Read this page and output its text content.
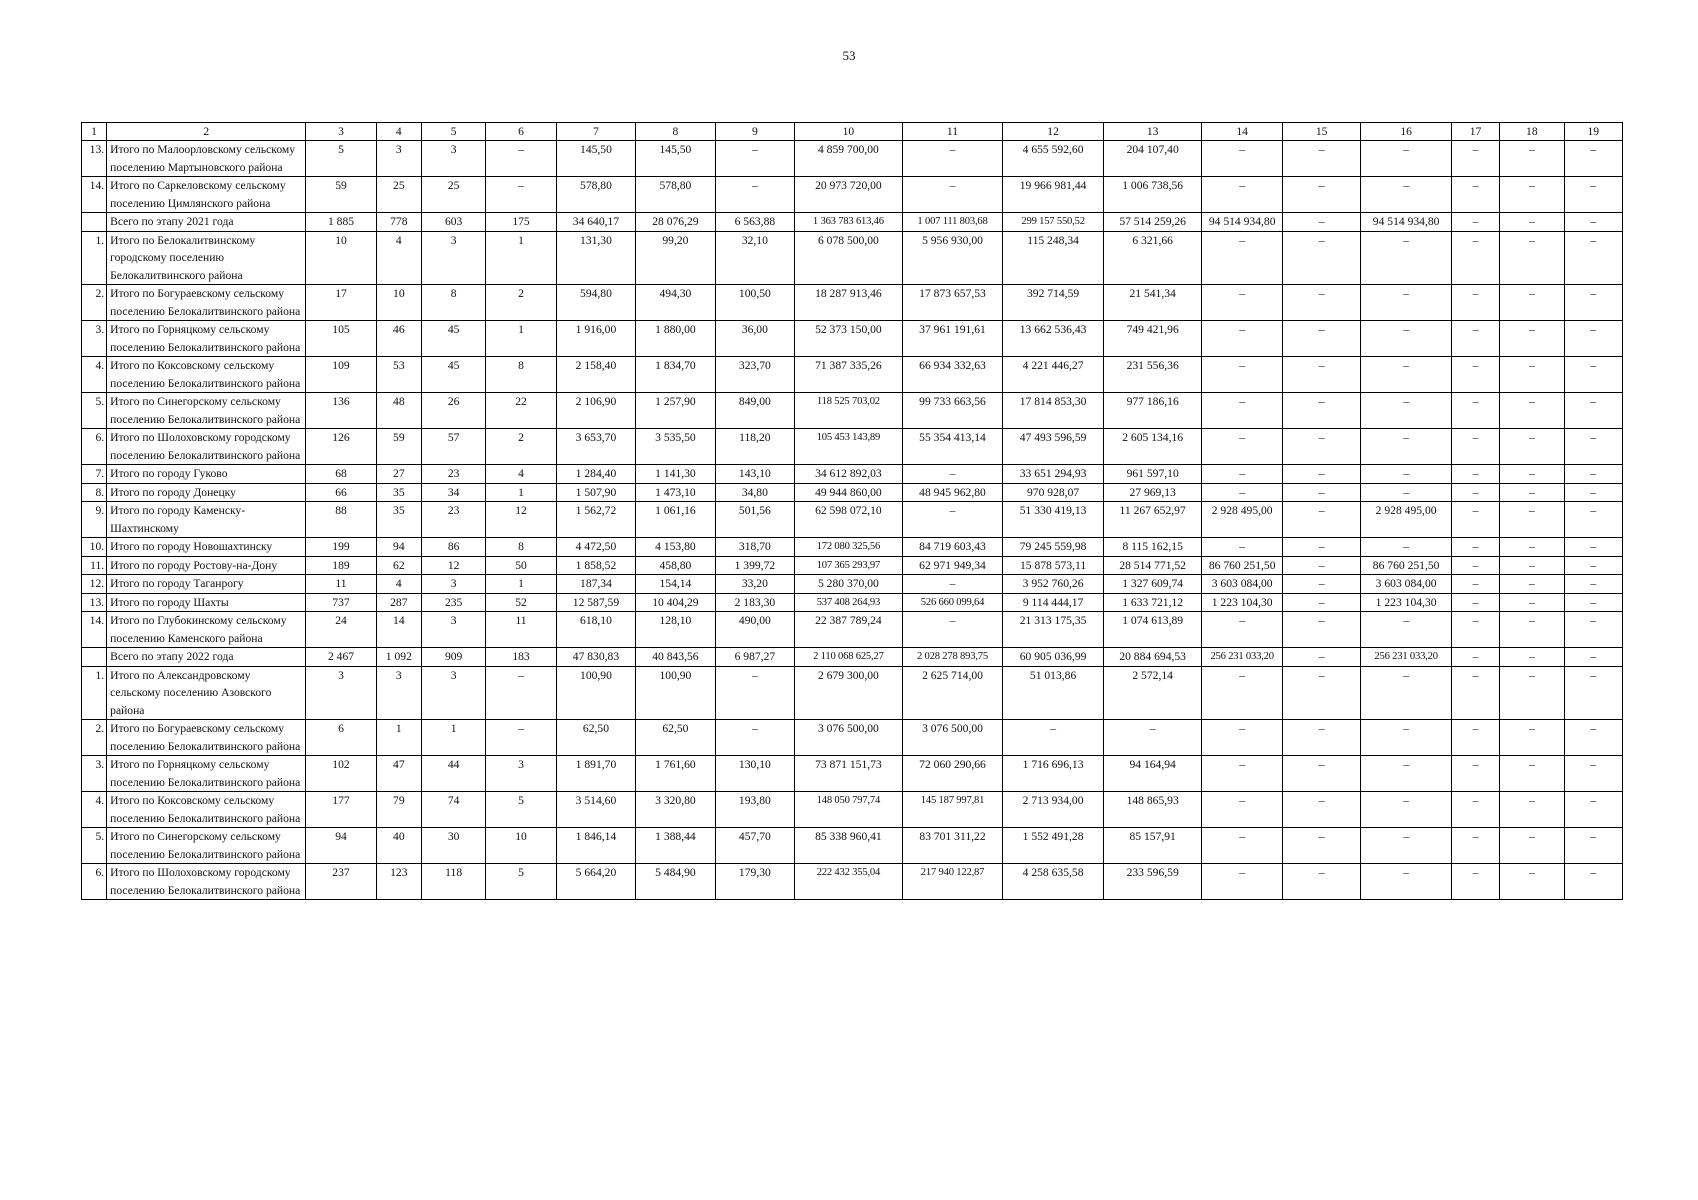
53
1	2	3	4	5	6	7	8	9	10	11	12	13	14	15	16	17	18	19
13.	Итого по Малоорловскому сельскому поселению Мартыновского района	5	3	3	–	145,50	145,50	–	4 859 700,00	–	4 655 592,60	204 107,40	–	–	–	–	–	–
14.	Итого по Саркеловскому сельскому поселению Цимлянского района	59	25	25	–	578,80	578,80	–	20 973 720,00	–	19 966 981,44	1 006 738,56	–	–	–	–	–	–
	Всего по этапу 2021 года	1 885	778	603	175	34 640,17	28 076,29	6 563,88	1 363 783 613,46	1 007 111 803,68	299 157 550,52	57 514 259,26	94 514 934,80	–	94 514 934,80	–	–	–
1.	Итого по Белокалитвинскому городскому поселению Белокалитвинского района	10	4	3	1	131,30	99,20	32,10	6 078 500,00	5 956 930,00	115 248,34	6 321,66	–	–	–	–	–	–
2.	Итого по Богураевскому сельскому поселению Белокалитвинского района	17	10	8	2	594,80	494,30	100,50	18 287 913,46	17 873 657,53	392 714,59	21 541,34	–	–	–	–	–	–
3.	Итого по Горняцкому сельскому поселению Белокалитвинского района	105	46	45	1	1 916,00	1 880,00	36,00	52 373 150,00	37 961 191,61	13 662 536,43	749 421,96	–	–	–	–	–	–
4.	Итого по Коксовскому сельскому поселению Белокалитвинского района	109	53	45	8	2 158,40	1 834,70	323,70	71 387 335,26	66 934 332,63	4 221 446,27	231 556,36	–	–	–	–	–	–
5.	Итого по Синегорскому сельскому поселению Белокалитвинского района	136	48	26	22	2 106,90	1 257,90	849,00	118 525 703,02	99 733 663,56	17 814 853,30	977 186,16	–	–	–	–	–	–
6.	Итого по Шолоховскому городскому поселению Белокалитвинского района	126	59	57	2	3 653,70	3 535,50	118,20	105 453 143,89	55 354 413,14	47 493 596,59	2 605 134,16	–	–	–	–	–	–
7.	Итого по городу Гуково	68	27	23	4	1 284,40	1 141,30	143,10	34 612 892,03	–	33 651 294,93	961 597,10	–	–	–	–	–	–
8.	Итого по городу Донецку	66	35	34	1	1 507,90	1 473,10	34,80	49 944 860,00	48 945 962,80	970 928,07	27 969,13	–	–	–	–	–	–
9.	Итого по городу Каменску-Шахтинскому	88	35	23	12	1 562,72	1 061,16	501,56	62 598 072,10	–	51 330 419,13	11 267 652,97	2 928 495,00	–	2 928 495,00	–	–	–
10.	Итого по городу Новошахтинску	199	94	86	8	4 472,50	4 153,80	318,70	172 080 325,56	84 719 603,43	79 245 559,98	8 115 162,15	–	–	–	–	–	–
11.	Итого по городу Ростову-на-Дону	189	62	12	50	1 858,52	458,80	1 399,72	107 365 293,97	62 971 949,34	15 878 573,11	28 514 771,52	86 760 251,50	–	86 760 251,50	–	–	–
12.	Итого по городу Таганрогу	11	4	3	1	187,34	154,14	33,20	5 280 370,00	–	3 952 760,26	1 327 609,74	3 603 084,00	–	3 603 084,00	–	–	–
13.	Итого по городу Шахты	737	287	235	52	12 587,59	10 404,29	2 183,30	537 408 264,93	526 660 099,64	9 114 444,17	1 633 721,12	1 223 104,30	–	1 223 104,30	–	–	–
14.	Итого по Глубокинскому сельскому поселению Каменского района	24	14	3	11	618,10	128,10	490,00	22 387 789,24	–	21 313 175,35	1 074 613,89	–	–	–	–	–	–
	Всего по этапу 2022 года	2 467	1 092	909	183	47 830,83	40 843,56	6 987,27	2 110 068 625,27	2 028 278 893,75	60 905 036,99	20 884 694,53	256 231 033,20	–	256 231 033,20	–	–	–
1.	Итого по Александровскому сельскому поселению Азовского района	3	3	3	–	100,90	100,90	–	2 679 300,00	2 625 714,00	51 013,86	2 572,14	–	–	–	–	–	–
2.	Итого по Богураевскому сельскому поселению Белокалитвинского района	6	1	1	–	62,50	62,50	–	3 076 500,00	3 076 500,00	–	–	–	–	–	–	–	–
3.	Итого по Горняцкому сельскому поселению Белокалитвинского района	102	47	44	3	1 891,70	1 761,60	130,10	73 871 151,73	72 060 290,66	1 716 696,13	94 164,94	–	–	–	–	–	–
4.	Итого по Коксовскому сельскому поселению Белокалитвинского района	177	79	74	5	3 514,60	3 320,80	193,80	148 050 797,74	145 187 997,81	2 713 934,00	148 865,93	–	–	–	–	–	–
5.	Итого по Синегорскому сельскому поселению Белокалитвинского района	94	40	30	10	1 846,14	1 388,44	457,70	85 338 960,41	83 701 311,22	1 552 491,28	85 157,91	–	–	–	–	–	–
6.	Итого по Шолоховскому городскому поселению Белокалитвинского района	237	123	118	5	5 664,20	5 484,90	179,30	222 432 355,04	217 940 122,87	4 258 635,58	233 596,59	–	–	–	–	–	–
